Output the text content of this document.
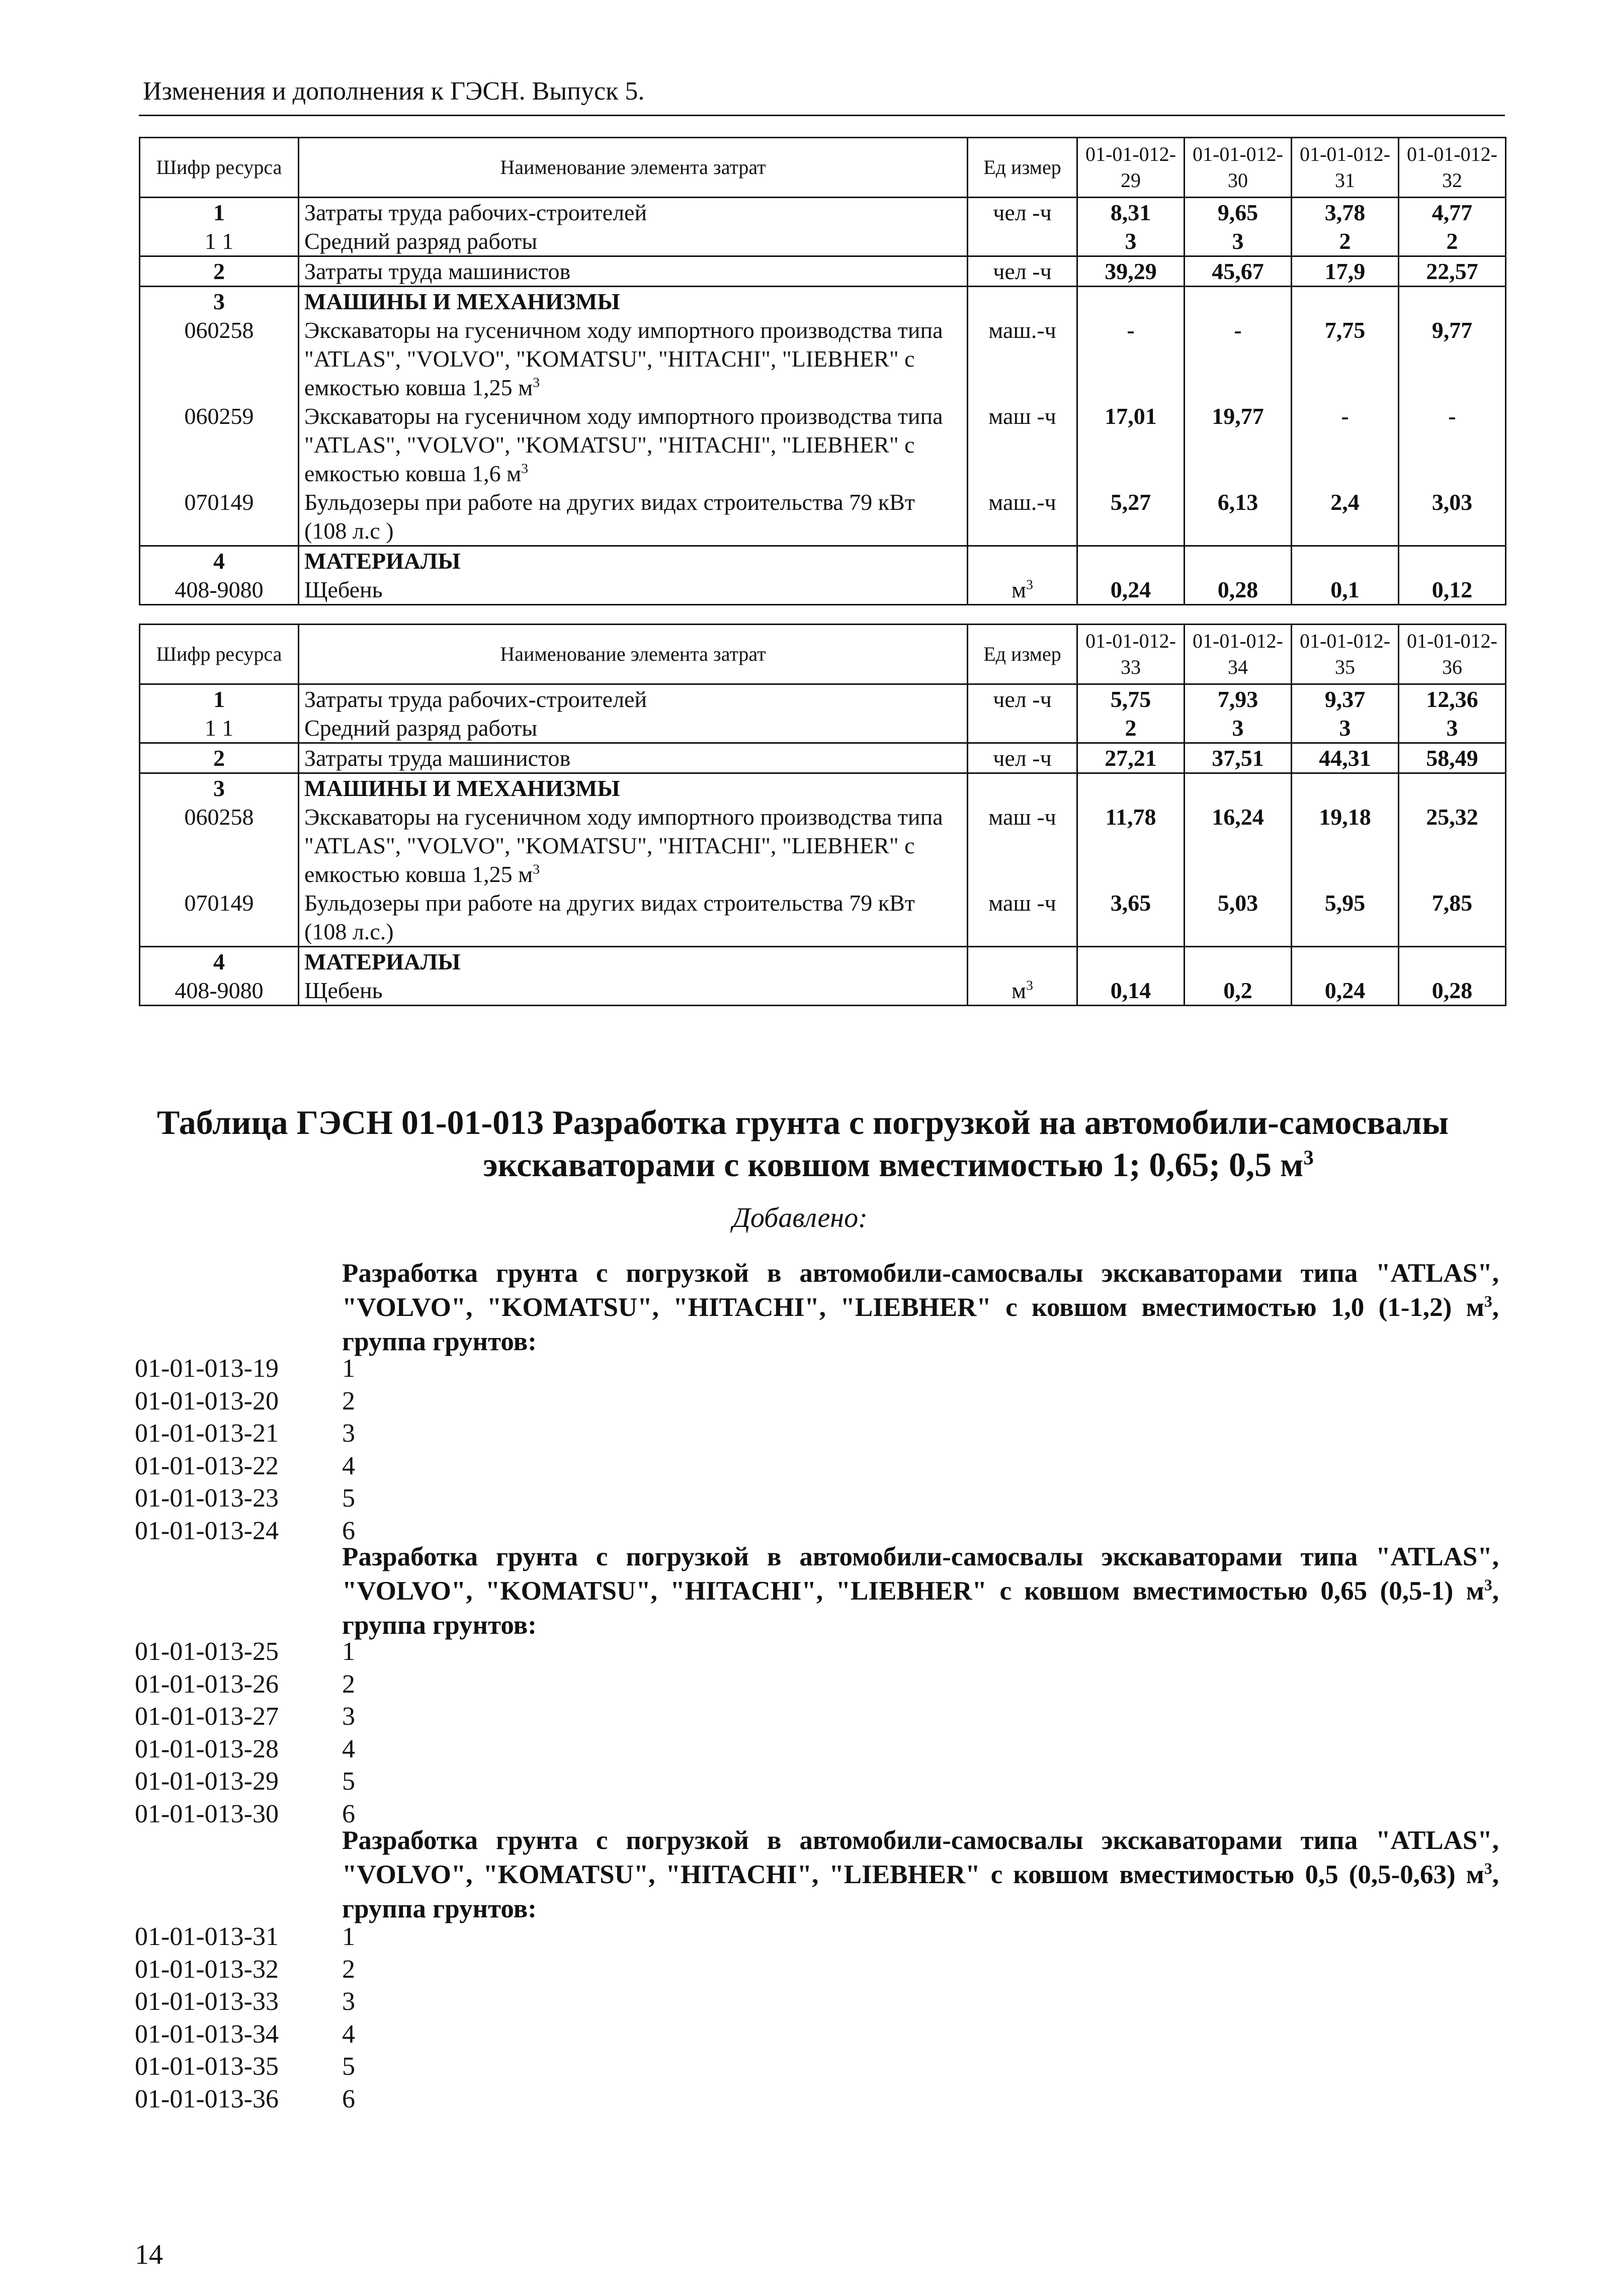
Изменения и дополнения к ГЭСН. Выпуск 5.
Шифр ресурса	Наименование элемента затрат	Ед измер	01-01-012-29	01-01-012-30	01-01-012-31	01-01-012-32
1	Затраты труда рабочих-строителей	чел -ч	8,31	9,65	3,78	4,77
1 1	Средний разряд работы		3	3	2	2
2	Затраты труда машинистов	чел -ч	39,29	45,67	17,9	22,57
3	МАШИНЫ И МЕХАНИЗМЫ					
060258	Экскаваторы на гусеничном ходу импортного производства типа "ATLAS", "VOLVO", "KOMATSU", "HITACHI", "LIEBHER" с емкостью ковша 1,25 $м^3$	маш.-ч	-	-	7,75	9,77
060259	Экскаваторы на гусеничном ходу импортного производства типа "ATLAS", "VOLVO", "KOMATSU", "HITACHI", "LIEBHER" с емкостью ковша 1,6 $м^3$	маш -ч	17,01	19,77	-	-
070149	Бульдозеры при работе на других видах строительства 79 кВт (108 л.с )	маш.-ч	5,27	6,13	2,4	3,03
4	МАТЕРИАЛЫ					
408-9080	Щебень	$м^3$	0,24	0,28	0,1	0,12
Шифр ресурса	Наименование элемента затрат	Ед измер	01-01-012-33	01-01-012-34	01-01-012-35	01-01-012-36
1	Затраты труда рабочих-строителей	чел -ч	5,75	7,93	9,37	12,36
1 1	Средний разряд работы		2	3	3	3
2	Затраты труда машинистов	чел -ч	27,21	37,51	44,31	58,49
3	МАШИНЫ И МЕХАНИЗМЫ					
060258	Экскаваторы на гусеничном ходу импортного производства типа "ATLAS", "VOLVO", "KOMATSU", "HITACHI", "LIEBHER" с емкостью ковша 1,25 $м^3$	маш -ч	11,78	16,24	19,18	25,32
070149	Бульдозеры при работе на других видах строительства 79 кВт (108 л.с.)	маш -ч	3,65	5,03	5,95	7,85
4	МАТЕРИАЛЫ					
408-9080	Щебень	$м^3$	0,14	0,2	0,24	0,28
Таблица ГЭСН 01-01-013 Разработка грунта с погрузкой на автомобили-самосвалы
экскаваторами с ковшом вместимостью 1; 0,65; 0,5 $м^3$
Добавлено:
Разработка грунта с погрузкой в автомобили-самосвалы экскаваторами типа "ATLAS", "VOLVO", "KOMATSU", "HITACHI", "LIEBHER" с ковшом вместимостью 1,0 (1-1,2) $м^3$, группа грунтов:
01-01-013-19	1
01-01-013-20	2
01-01-013-21	3
01-01-013-22	4
01-01-013-23	5
01-01-013-24	6
Разработка грунта с погрузкой в автомобили-самосвалы экскаваторами типа "ATLAS", "VOLVO", "KOMATSU", "HITACHI", "LIEBHER" с ковшом вместимостью 0,65 (0,5-1) $м^3$, группа грунтов:
01-01-013-25	1
01-01-013-26	2
01-01-013-27	3
01-01-013-28	4
01-01-013-29	5
01-01-013-30	6
Разработка грунта с погрузкой в автомобили-самосвалы экскаваторами типа "ATLAS", "VOLVO", "KOMATSU", "HITACHI", "LIEBHER" с ковшом вместимостью 0,5 (0,5-0,63) $м^3$, группа грунтов:
01-01-013-31	1
01-01-013-32	2
01-01-013-33	3
01-01-013-34	4
01-01-013-35	5
01-01-013-36	6
14
